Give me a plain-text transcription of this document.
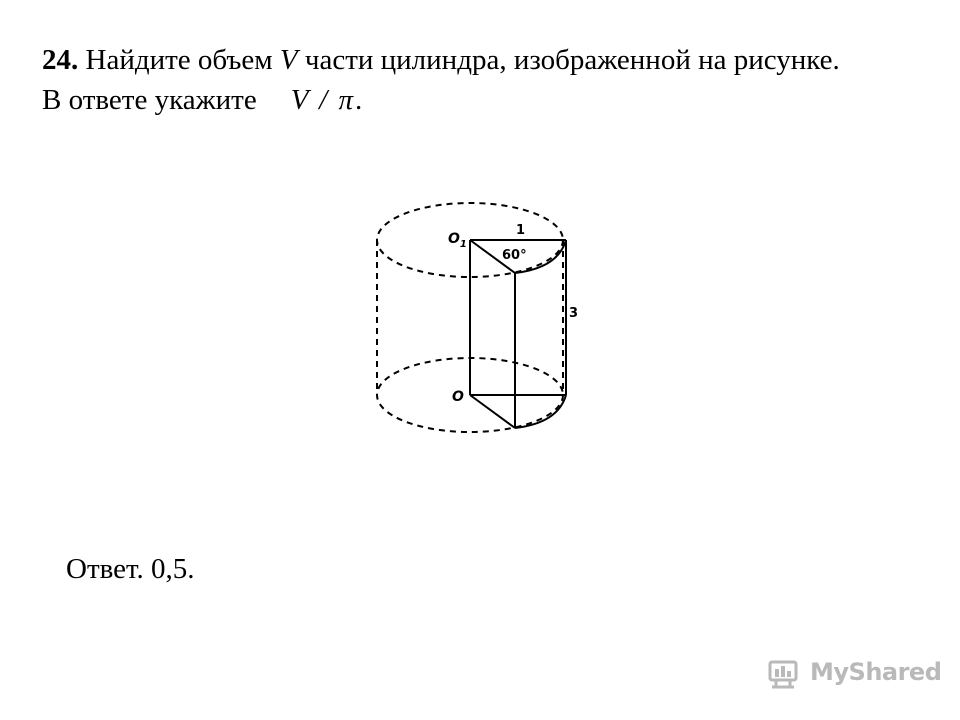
24. Найдите объем V части цилиндра, изображенной на рисунке.
В ответе укажите V / π.
$O_1$
O
1
60°
3
Ответ. 0,5.
MyShared
